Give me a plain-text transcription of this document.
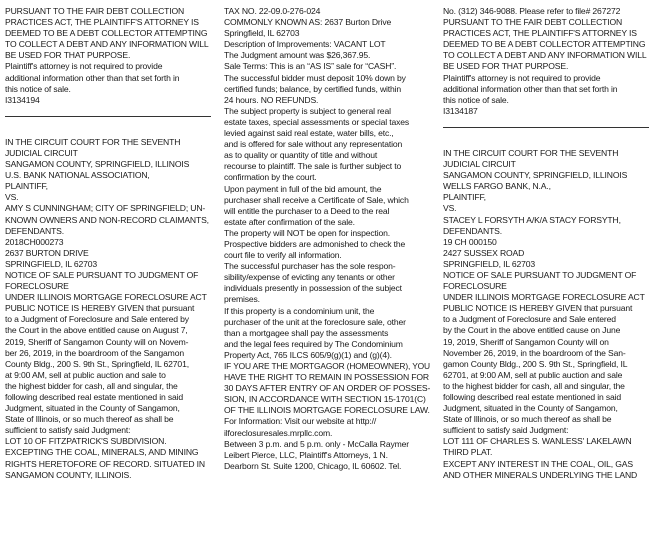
PURSUANT TO THE FAIR DEBT COLLECTION

PRACTICES ACT, THE PLAINTIFF'S ATTORNEY IS

DEEMED TO BE A DEBT COLLECTOR ATTEMPTING

TO COLLECT A DEBT AND ANY INFORMATION WILL

BE USED FOR THAT PURPOSE.

Plaintiff's attorney is not required to provide

additional information other than that set forth in

this notice of sale.

I3134194

IN THE CIRCUIT COURT FOR THE SEVENTH

JUDICIAL CIRCUIT

SANGAMON COUNTY, SPRINGFIELD, ILLINOIS

U.S. BANK NATIONAL ASSOCIATION,

PLAINTIFF,

VS.

AMY S CUNNINGHAM; CITY OF SPRINGFIELD; UN-

KNOWN OWNERS AND NON-RECORD CLAIMANTS,

DEFENDANTS.

2018CH000273

2637 BURTON DRIVE

SPRINGFIELD, IL 62703

NOTICE OF SALE PURSUANT TO JUDGMENT OF

FORECLOSURE

UNDER ILLINOIS MORTGAGE FORECLOSURE ACT

PUBLIC NOTICE IS HEREBY GIVEN that pursuant

to a Judgment of Foreclosure and Sale entered by

the Court in the above entitled cause on August 7,

2019, Sheriff of Sangamon County will on Novem-

ber 26, 2019, in the boardroom of the Sangamon

County Bldg., 200 S. 9th St., Springfield, IL 62701,

at 9:00 AM, sell at public auction and sale to

the highest bidder for cash, all and singular, the

following described real estate mentioned in said

Judgment, situated in the County of Sangamon,

State of Illinois, or so much thereof as shall be

sufficient to satisfy said Judgment:

LOT 10 OF FITZPATRICK'S SUBDIVISION.

EXCEPTING THE COAL, MINERALS, AND MINING

RIGHTS HERETOFORE OF RECORD. SITUATED IN

SANGAMON COUNTY, ILLINOIS.

TAX NO. 22-09.0-276-024

COMMONLY KNOWN AS: 2637 Burton Drive

Springfield, IL 62703

Description of Improvements: VACANT LOT

The Judgment amount was $26,367.95.

Sale Terms: This is an “AS IS” sale for “CASH”.

The successful bidder must deposit 10% down by

certified funds; balance, by certified funds, within

24 hours. NO REFUNDS.

The subject property is subject to general real

estate taxes, special assessments or special taxes

levied against said real estate, water bills, etc.,

and is offered for sale without any representation

as to quality or quantity of title and without

recourse to plaintiff. The sale is further subject to

confirmation by the court.

Upon payment in full of the bid amount, the

purchaser shall receive a Certificate of Sale, which

will entitle the purchaser to a Deed to the real

estate after confirmation of the sale.

The property will NOT be open for inspection.

Prospective bidders are admonished to check the

court file to verify all information.

The successful purchaser has the sole respon-

sibility/expense of evicting any tenants or other

individuals presently in possession of the subject

premises.

If this property is a condominium unit, the

purchaser of the unit at the foreclosure sale, other

than a mortgagee shall pay the assessments

and the legal fees required by The Condominium

Property Act, 765 ILCS 605/9(g)(1) and (g)(4).

IF YOU ARE THE MORTGAGOR (HOMEOWNER), YOU

HAVE THE RIGHT TO REMAIN IN POSSESSION FOR

30 DAYS AFTER ENTRY OF AN ORDER OF POSSES-

SION, IN ACCORDANCE WITH SECTION 15-1701(C)

OF THE ILLINOIS MORTGAGE FORECLOSURE LAW.

For Information: Visit our website at http://

ilforeclosuresales.mrpllc.com.

Between 3 p.m. and 5 p.m. only - McCalla Raymer

Leibert Pierce, LLC, Plaintiff's Attorneys, 1 N.

Dearborn St. Suite 1200, Chicago, IL 60602. Tel.

No. (312) 346-9088. Please refer to file# 267272

PURSUANT TO THE FAIR DEBT COLLECTION

PRACTICES ACT, THE PLAINTIFF'S ATTORNEY IS

DEEMED TO BE A DEBT COLLECTOR ATTEMPTING

TO COLLECT A DEBT AND ANY INFORMATION WILL

BE USED FOR THAT PURPOSE.

Plaintiff's attorney is not required to provide

additional information other than that set forth in

this notice of sale.

I3134187

IN THE CIRCUIT COURT FOR THE SEVENTH

JUDICIAL CIRCUIT

SANGAMON COUNTY, SPRINGFIELD, ILLINOIS

WELLS FARGO BANK, N.A.,

PLAINTIFF,

VS.

STACEY L FORSYTH A/K/A STACY FORSYTH,

DEFENDANTS.

19 CH 000150

2427 SUSSEX ROAD

SPRINGFIELD, IL 62703

NOTICE OF SALE PURSUANT TO JUDGMENT OF

FORECLOSURE

UNDER ILLINOIS MORTGAGE FORECLOSURE ACT

PUBLIC NOTICE IS HEREBY GIVEN that pursuant

to a Judgment of Foreclosure and Sale entered

by the Court in the above entitled cause on June

19, 2019, Sheriff of Sangamon County will on

November 26, 2019, in the boardroom of the San-

gamon County Bldg., 200 S. 9th St., Springfield, IL

62701, at 9:00 AM, sell at public auction and sale

to the highest bidder for cash, all and singular, the

following described real estate mentioned in said

Judgment, situated in the County of Sangamon,

State of Illinois, or so much thereof as shall be

sufficient to satisfy said Judgment:

LOT 111 OF CHARLES S. WANLESS' LAKELAWN

THIRD PLAT.

EXCEPT ANY INTEREST IN THE COAL, OIL, GAS

AND OTHER MINERALS UNDERLYING THE LAND
